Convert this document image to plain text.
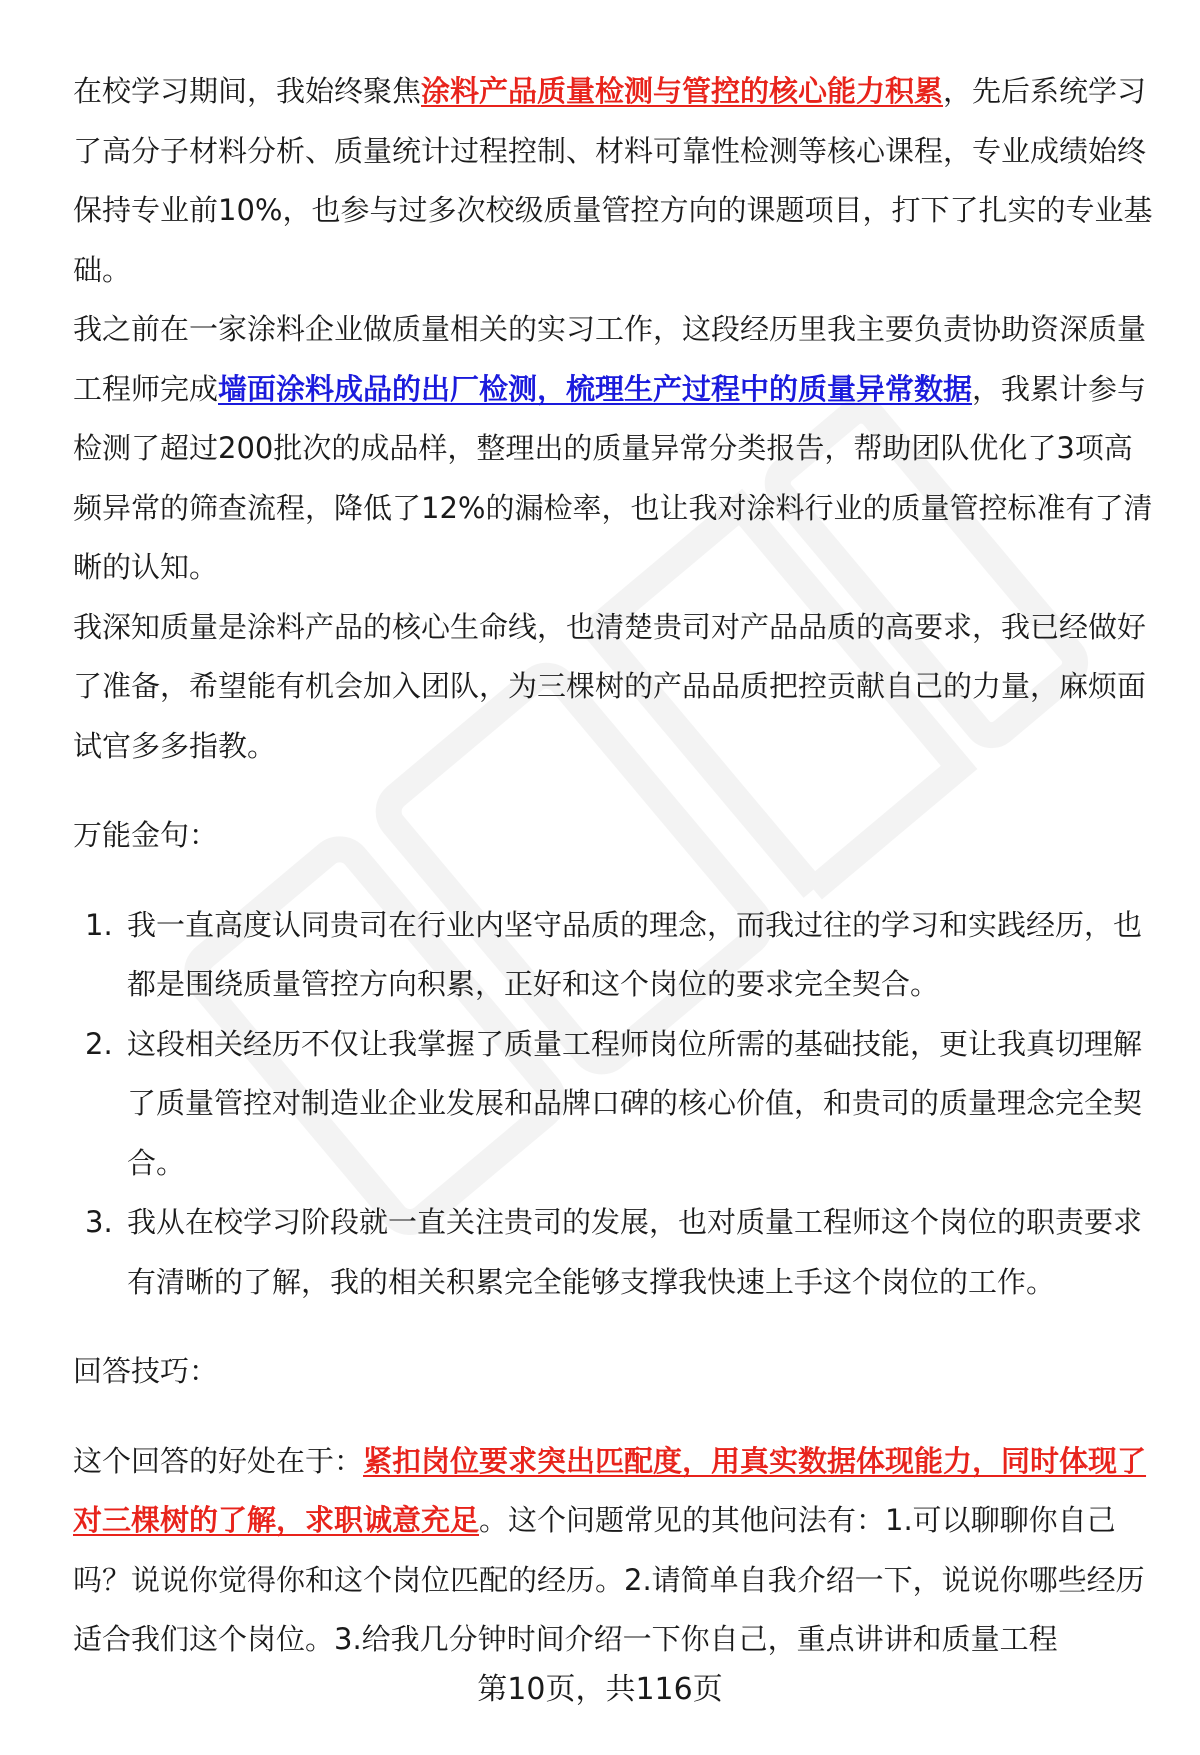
在校学习期间，我始终聚焦涂料产品质量检测与管控的核心能力积累，先后系统学习了高分子材料分析、质量统计过程控制、材料可靠性检测等核心课程，专业成绩始终保持专业前10%，也参与过多次校级质量管控方向的课题项目，打下了扎实的专业基础。

我之前在一家涂料企业做质量相关的实习工作，这段经历里我主要负责协助资深质量工程师完成墙面涂料成品的出厂检测，梳理生产过程中的质量异常数据，我累计参与检测了超过200批次的成品样，整理出的质量异常分类报告，帮助团队优化了3项高频异常的筛查流程，降低了12%的漏检率，也让我对涂料行业的质量管控标准有了清晰的认知。

我深知质量是涂料产品的核心生命线，也清楚贵司对产品品质的高要求，我已经做好了准备，希望能有机会加入团队，为三棵树的产品品质把控贡献自己的力量，麻烦面试官多多指教。

万能金句：

1. 我一直高度认同贵司在行业内坚守品质的理念，而我过往的学习和实践经历，也都是围绕质量管控方向积累，正好和这个岗位的要求完全契合。
2. 这段相关经历不仅让我掌握了质量工程师岗位所需的基础技能，更让我真切理解了质量管控对制造业企业发展和品牌口碑的核心价值，和贵司的质量理念完全契合。
3. 我从在校学习阶段就一直关注贵司的发展，也对质量工程师这个岗位的职责要求有清晰的了解，我的相关积累完全能够支撑我快速上手这个岗位的工作。

回答技巧：

这个回答的好处在于：紧扣岗位要求突出匹配度，用真实数据体现能力，同时体现了对三棵树的了解，求职诚意充足。这个问题常见的其他问法有：1.可以聊聊你自己吗？说说你觉得你和这个岗位匹配的经历。2.请简单自我介绍一下，说说你哪些经历适合我们这个岗位。3.给我几分钟时间介绍一下你自己，重点讲讲和质量工程

第10页，共116页
